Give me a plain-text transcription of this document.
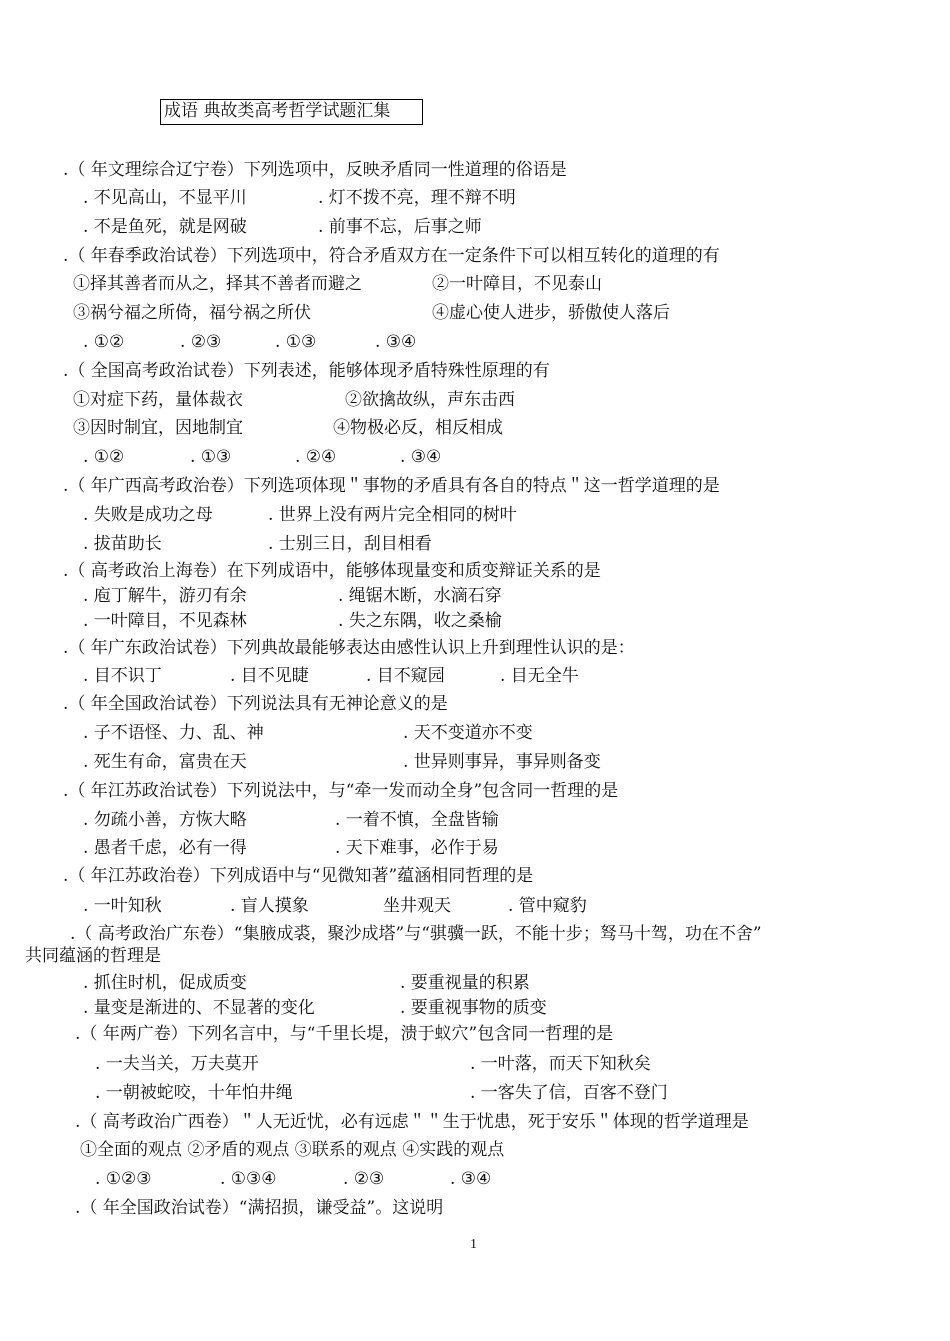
成语 典故类高考哲学试题汇集
.（ 年文理综合辽宁卷）下列选项中，反映矛盾同一性道理的俗语是
. 不见高山，不显平川	. 灯不拨不亮，理不辩不明
. 不是鱼死，就是网破	. 前事不忘，后事之师
.（ 年春季政治试卷）下列选项中，符合矛盾双方在一定条件下可以相互转化的道理的有
①择其善者而从之，择其不善者而避之	②一叶障目，不见泰山
③祸兮福之所倚，福兮祸之所伏	④虚心使人进步，骄傲使人落后
. ①②	. ②③	. ①③	. ③④
.（ 全国高考政治试卷）下列表述，能够体现矛盾特殊性原理的有
①对症下药，量体裁衣	②欲擒故纵，声东击西
③因时制宜，因地制宜	④物极必反，相反相成
. ①②	. ①③	. ②④	. ③④
.（ 年广西高考政治卷）下列选项体现＂事物的矛盾具有各自的特点＂这一哲学道理的是
. 失败是成功之母	. 世界上没有两片完全相同的树叶
. 拔苗助长	. 士别三日，刮目相看
.（ 高考政治上海卷）在下列成语中，能够体现量变和质变辩证关系的是
. 庖丁解牛，游刃有余	. 绳锯木断，水滴石穿
. 一叶障目，不见森林	. 失之东隅，收之桑榆
.（ 年广东政治试卷）下列典故最能够表达由感性认识上升到理性认识的是：
. 目不识丁	. 目不见睫	. 目不窥园	. 目无全牛
.（ 年全国政治试卷）下列说法具有无神论意义的是
. 子不语怪、力、乱、神	. 天不变道亦不变
. 死生有命，富贵在天	. 世异则事异，事异则备变
.（ 年江苏政治试卷）下列说法中，与“牵一发而动全身”包含同一哲理的是
. 勿疏小善，方恢大略	. 一着不慎，全盘皆输
. 愚者千虑，必有一得	. 天下难事，必作于易
.（ 年江苏政治卷）下列成语中与“见微知著”蕴涵相同哲理的是
. 一叶知秋	. 盲人摸象	坐井观天	. 管中窥豹
.（ 高考政治广东卷）“集腋成裘，聚沙成塔”与“骐骥一跃，不能十步；驽马十驾，功在不舍”
共同蕴涵的哲理是
. 抓住时机，促成质变	. 要重视量的积累
. 量变是渐进的、不显著的变化	. 要重视事物的质变
.（ 年两广卷）下列名言中，与“千里长堤，溃于蚁穴”包含同一哲理的是
. 一夫当关，万夫莫开	. 一叶落，而天下知秋矣
. 一朝被蛇咬，十年怕井绳	. 一客失了信，百客不登门
.（ 高考政治广西卷）＂人无近忧，必有远虑＂＂生于忧患，死于安乐＂体现的哲学道理是
①全面的观点 ②矛盾的观点 ③联系的观点 ④实践的观点
. ①②③	. ①③④	. ②③	. ③④
.（ 年全国政治试卷）“满招损，谦受益”。这说明
1
